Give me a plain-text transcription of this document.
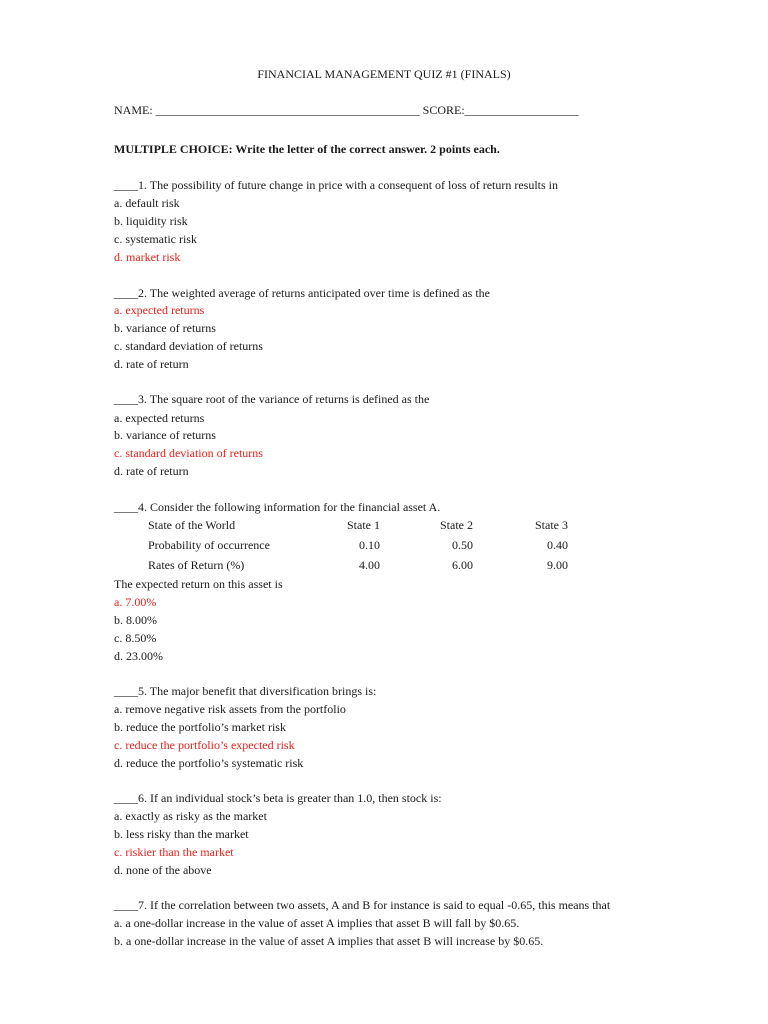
FINANCIAL MANAGEMENT QUIZ #1 (FINALS)
NAME: ____________________________________________ SCORE:___________________
MULTIPLE CHOICE: Write the letter of the correct answer. 2 points each.
____1. The possibility of future change in price with a consequent of loss of return results in
a. default risk
b. liquidity risk
c. systematic risk
d. market risk
____2. The weighted average of returns anticipated over time is defined as the
a. expected returns
b. variance of returns
c. standard deviation of returns
d. rate of return
____3. The square root of the variance of returns is defined as the
a. expected returns
b. variance of returns
c. standard deviation of returns
d. rate of return
____4. Consider the following information for the financial asset A.
State of the World	State 1	State 2	State 3
Probability of occurrence	0.10	0.50	0.40
Rates of Return (%)	4.00	6.00	9.00
The expected return on this asset is
a. 7.00%
b. 8.00%
c. 8.50%
d. 23.00%
____5. The major benefit that diversification brings is:
a. remove negative risk assets from the portfolio
b. reduce the portfolio’s market risk
c. reduce the portfolio’s expected risk
d. reduce the portfolio’s systematic risk
____6. If an individual stock’s beta is greater than 1.0, then stock is:
a. exactly as risky as the market
b. less risky than the market
c. riskier than the market
d. none of the above
____7. If the correlation between two assets, A and B for instance is said to equal -0.65, this means that
a. a one-dollar increase in the value of asset A implies that asset B will fall by $0.65.
b. a one-dollar increase in the value of asset A implies that asset B will increase by $0.65.
